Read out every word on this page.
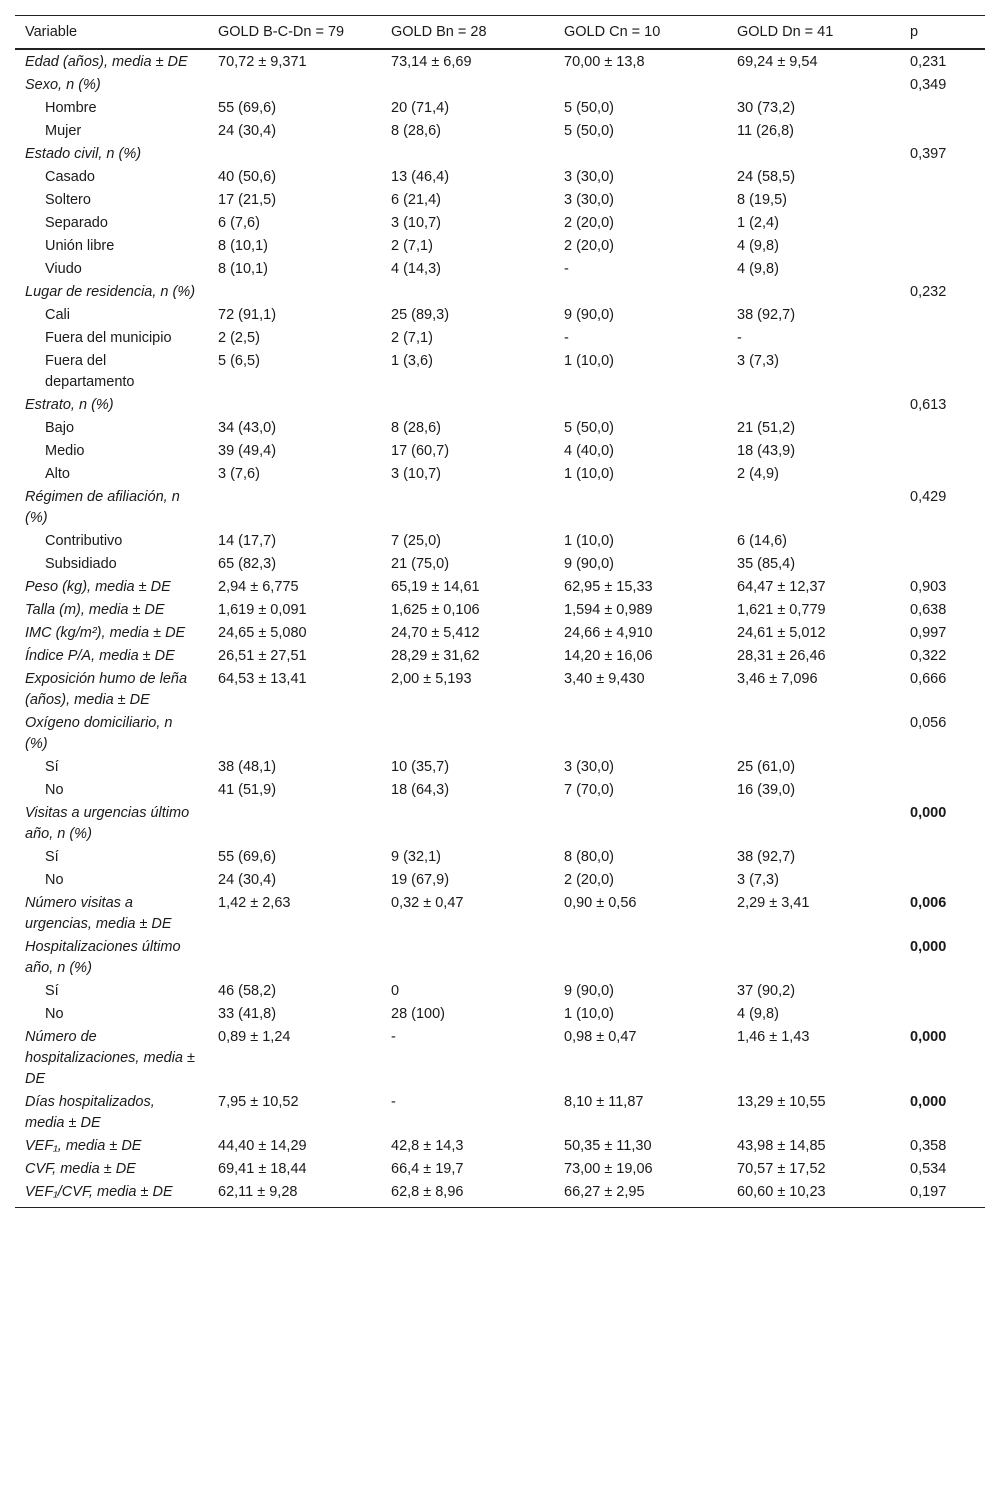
Variable	GOLD B-C-Dn = 79	GOLD Bn = 28	GOLD Cn = 10	GOLD Dn = 41	p
Edad (años), media ± DE	70,72 ± 9,371	73,14 ± 6,69	70,00 ± 13,8	69,24 ± 9,54	0,231
Sexo, n (%)					0,349
Hombre	55 (69,6)	20 (71,4)	5 (50,0)	30 (73,2)	
Mujer	24 (30,4)	8 (28,6)	5 (50,0)	11 (26,8)	
Estado civil, n (%)					0,397
Casado	40 (50,6)	13 (46,4)	3 (30,0)	24 (58,5)	
Soltero	17 (21,5)	6 (21,4)	3 (30,0)	8 (19,5)	
Separado	6 (7,6)	3 (10,7)	2 (20,0)	1 (2,4)	
Unión libre	8 (10,1)	2 (7,1)	2 (20,0)	4 (9,8)	
Viudo	8 (10,1)	4 (14,3)	-	4 (9,8)	
Lugar de residencia, n (%)					0,232
Cali	72 (91,1)	25 (89,3)	9 (90,0)	38 (92,7)	
Fuera del municipio	2 (2,5)	2 (7,1)	-	-	
Fuera del departamento	5 (6,5)	1 (3,6)	1 (10,0)	3 (7,3)	
Estrato, n (%)					0,613
Bajo	34 (43,0)	8 (28,6)	5 (50,0)	21 (51,2)	
Medio	39 (49,4)	17 (60,7)	4 (40,0)	18 (43,9)	
Alto	3 (7,6)	3 (10,7)	1 (10,0)	2 (4,9)	
Régimen de afiliación, n (%)					0,429
Contributivo	14 (17,7)	7 (25,0)	1 (10,0)	6 (14,6)	
Subsidiado	65 (82,3)	21 (75,0)	9 (90,0)	35 (85,4)	
Peso (kg), media ± DE	2,94 ± 6,775	65,19 ± 14,61	62,95 ± 15,33	64,47 ± 12,37	0,903
Talla (m), media ± DE	1,619 ± 0,091	1,625 ± 0,106	1,594 ± 0,989	1,621 ± 0,779	0,638
IMC (kg/m²), media ± DE	24,65 ± 5,080	24,70 ± 5,412	24,66 ± 4,910	24,61 ± 5,012	0,997
Índice P/A, media ± DE	26,51 ± 27,51	28,29 ± 31,62	14,20 ± 16,06	28,31 ± 26,46	0,322
Exposición humo de leña (años), media ± DE	64,53 ± 13,41	2,00 ± 5,193	3,40 ± 9,430	3,46 ± 7,096	0,666
Oxígeno domiciliario, n (%)					0,056
Sí	38 (48,1)	10 (35,7)	3 (30,0)	25 (61,0)	
No	41 (51,9)	18 (64,3)	7 (70,0)	16 (39,0)	
Visitas a urgencias último año, n (%)					0,000
Sí	55 (69,6)	9 (32,1)	8 (80,0)	38 (92,7)	
No	24 (30,4)	19 (67,9)	2 (20,0)	3 (7,3)	
Número visitas a urgencias, media ± DE	1,42 ± 2,63	0,32 ± 0,47	0,90 ± 0,56	2,29 ± 3,41	0,006
Hospitalizaciones último año, n (%)					0,000
Sí	46 (58,2)	0	9 (90,0)	37 (90,2)	
No	33 (41,8)	28 (100)	1 (10,0)	4 (9,8)	
Número de hospitalizaciones, media ± DE	0,89 ± 1,24	-	0,98 ± 0,47	1,46 ± 1,43	0,000
Días hospitalizados, media ± DE	7,95 ± 10,52	-	8,10 ± 11,87	13,29 ± 10,55	0,000
VEF₁, media ± DE	44,40 ± 14,29	42,8 ± 14,3	50,35 ± 11,30	43,98 ± 14,85	0,358
CVF, media ± DE	69,41 ± 18,44	66,4 ± 19,7	73,00 ± 19,06	70,57 ± 17,52	0,534
VEF₁/CVF, media ± DE	62,11 ± 9,28	62,8 ± 8,96	66,27 ± 2,95	60,60 ± 10,23	0,197
